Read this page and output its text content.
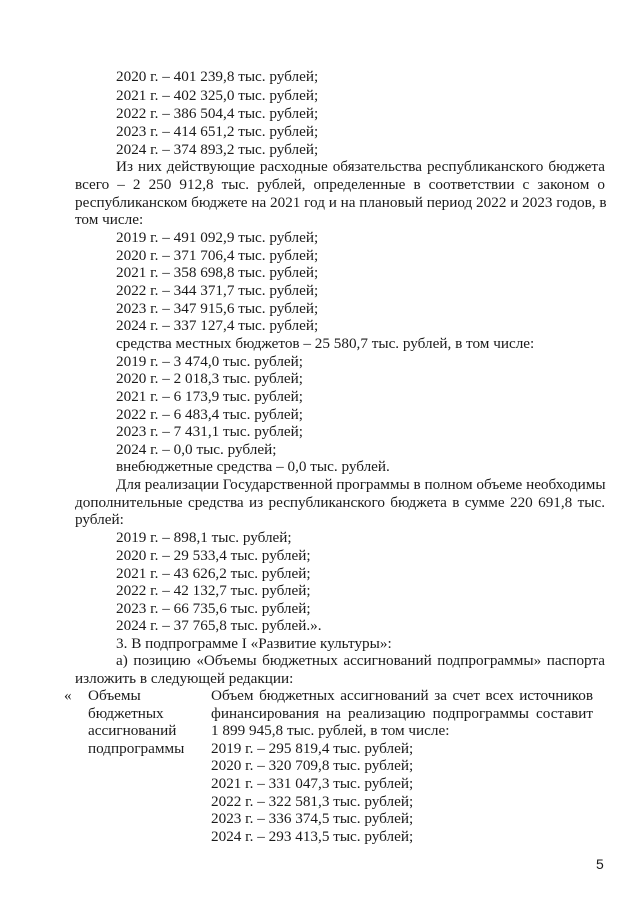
2020 г. – 401 239,8 тыс. рублей;
2021 г. – 402 325,0 тыс. рублей;
2022 г. – 386 504,4 тыс. рублей;
2023 г. – 414 651,2 тыс. рублей;
2024 г. – 374 893,2 тыс. рублей;
Из них действующие расходные обязательства республиканского бюджета
всего – 2 250 912,8 тыс. рублей, определенные в соответствии с законом о
республиканском бюджете на 2021 год и на плановый период 2022 и 2023 годов, в
том числе:
2019 г. – 491 092,9 тыс. рублей;
2020 г. – 371 706,4 тыс. рублей;
2021 г. – 358 698,8 тыс. рублей;
2022 г. – 344 371,7 тыс. рублей;
2023 г. – 347 915,6 тыс. рублей;
2024 г. – 337 127,4 тыс. рублей;
средства местных бюджетов – 25 580,7 тыс. рублей, в том числе:
2019 г. – 3 474,0 тыс. рублей;
2020 г. – 2 018,3 тыс. рублей;
2021 г. – 6 173,9 тыс. рублей;
2022 г. – 6 483,4 тыс. рублей;
2023 г. – 7 431,1 тыс. рублей;
2024 г. – 0,0 тыс. рублей;
внебюджетные средства – 0,0 тыс. рублей.
Для реализации Государственной программы в полном объеме необходимы
дополнительные средства из республиканского бюджета в сумме 220 691,8 тыс.
рублей:
2019 г. – 898,1 тыс. рублей;
2020 г. – 29 533,4 тыс. рублей;
2021 г. – 43 626,2 тыс. рублей;
2022 г. – 42 132,7 тыс. рублей;
2023 г. – 66 735,6 тыс. рублей;
2024 г. – 37 765,8 тыс. рублей.».
3. В подпрограмме I «Развитие культуры»:
а) позицию «Объемы бюджетных ассигнований подпрограммы» паспорта
изложить в следующей редакции:
« Объемы
бюджетных
ассигнований
подпрограммы
Объем бюджетных ассигнований за счет всех источников
финансирования на реализацию подпрограммы составит
1 899 945,8 тыс. рублей, в том числе:
2019 г. – 295 819,4 тыс. рублей;
2020 г. – 320 709,8 тыс. рублей;
2021 г. – 331 047,3 тыс. рублей;
2022 г. – 322 581,3 тыс. рублей;
2023 г. – 336 374,5 тыс. рублей;
2024 г. – 293 413,5 тыс. рублей;
5
